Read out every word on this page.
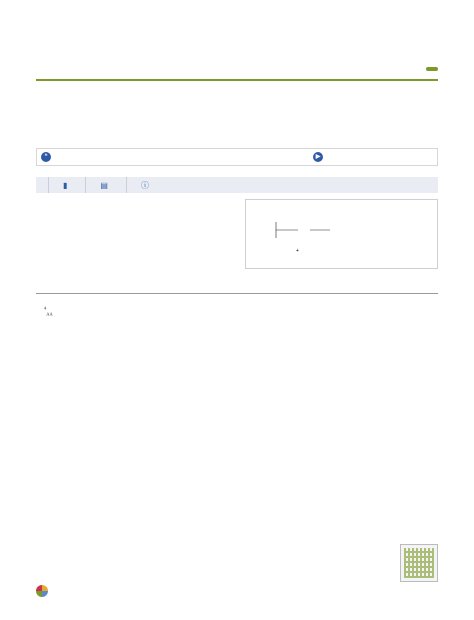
❝	▶
▮	▤	ⓘ
+

$^4_{AA}$
